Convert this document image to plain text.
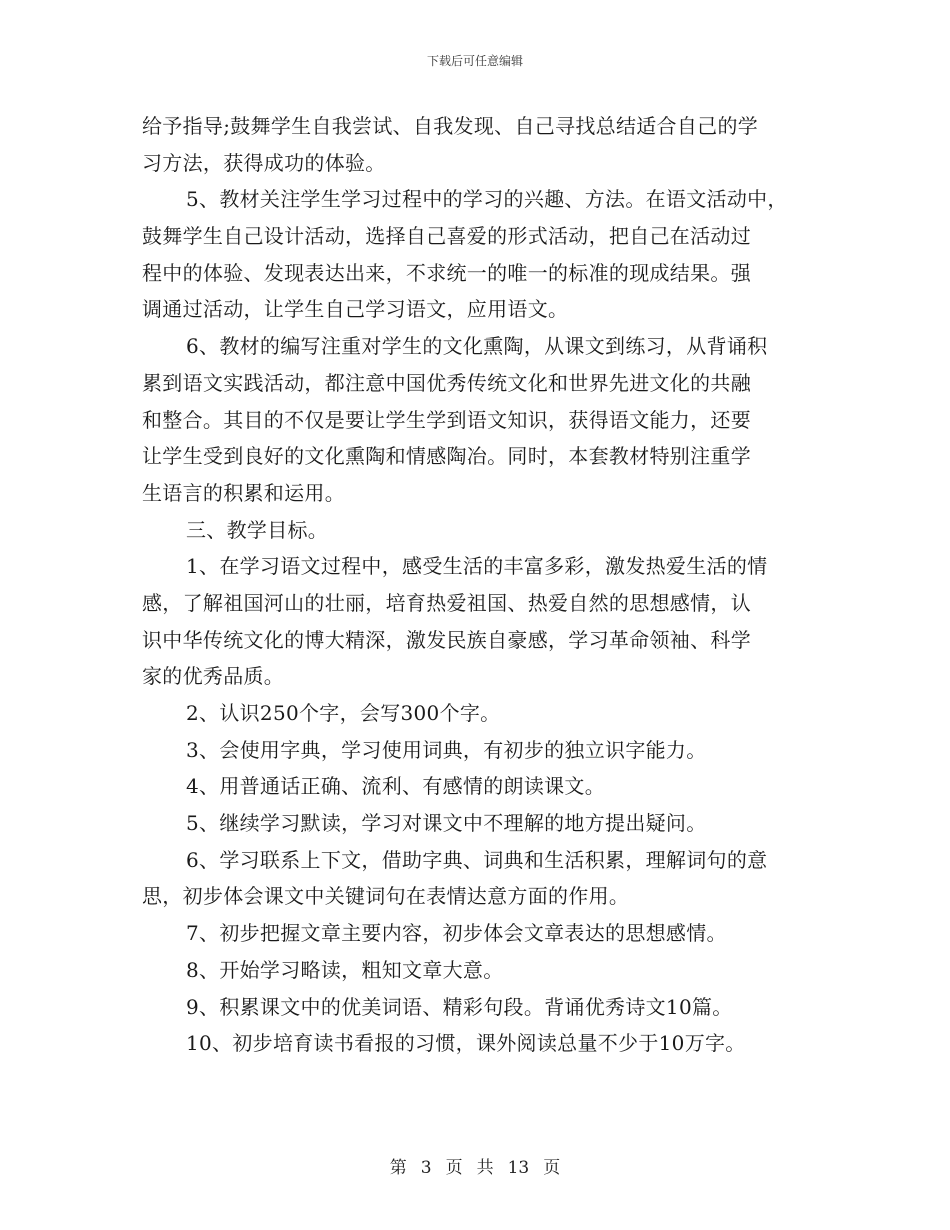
下载后可任意编辑
给予指导;鼓舞学生自我尝试、自我发现、自己寻找总结适合自己的学
习方法，获得成功的体验。
5、教材关注学生学习过程中的学习的兴趣、方法。在语文活动中，
鼓舞学生自己设计活动，选择自己喜爱的形式活动，把自己在活动过
程中的体验、发现表达出来，不求统一的唯一的标准的现成结果。强
调通过活动，让学生自己学习语文，应用语文。
6、教材的编写注重对学生的文化熏陶，从课文到练习，从背诵积
累到语文实践活动，都注意中国优秀传统文化和世界先进文化的共融
和整合。其目的不仅是要让学生学到语文知识，获得语文能力，还要
让学生受到良好的文化熏陶和情感陶冶。同时，本套教材特别注重学
生语言的积累和运用。
三、教学目标。
1、在学习语文过程中，感受生活的丰富多彩，激发热爱生活的情
感，了解祖国河山的壮丽，培育热爱祖国、热爱自然的思想感情，认
识中华传统文化的博大精深，激发民族自豪感，学习革命领袖、科学
家的优秀品质。
2、认识250个字，会写300个字。
3、会使用字典，学习使用词典，有初步的独立识字能力。
4、用普通话正确、流利、有感情的朗读课文。
5、继续学习默读，学习对课文中不理解的地方提出疑问。
6、学习联系上下文，借助字典、词典和生活积累，理解词句的意
思，初步体会课文中关键词句在表情达意方面的作用。
7、初步把握文章主要内容，初步体会文章表达的思想感情。
8、开始学习略读，粗知文章大意。
9、积累课文中的优美词语、精彩句段。背诵优秀诗文10篇。
10、初步培育读书看报的习惯，课外阅读总量不少于10万字。
第 3 页 共 13 页
